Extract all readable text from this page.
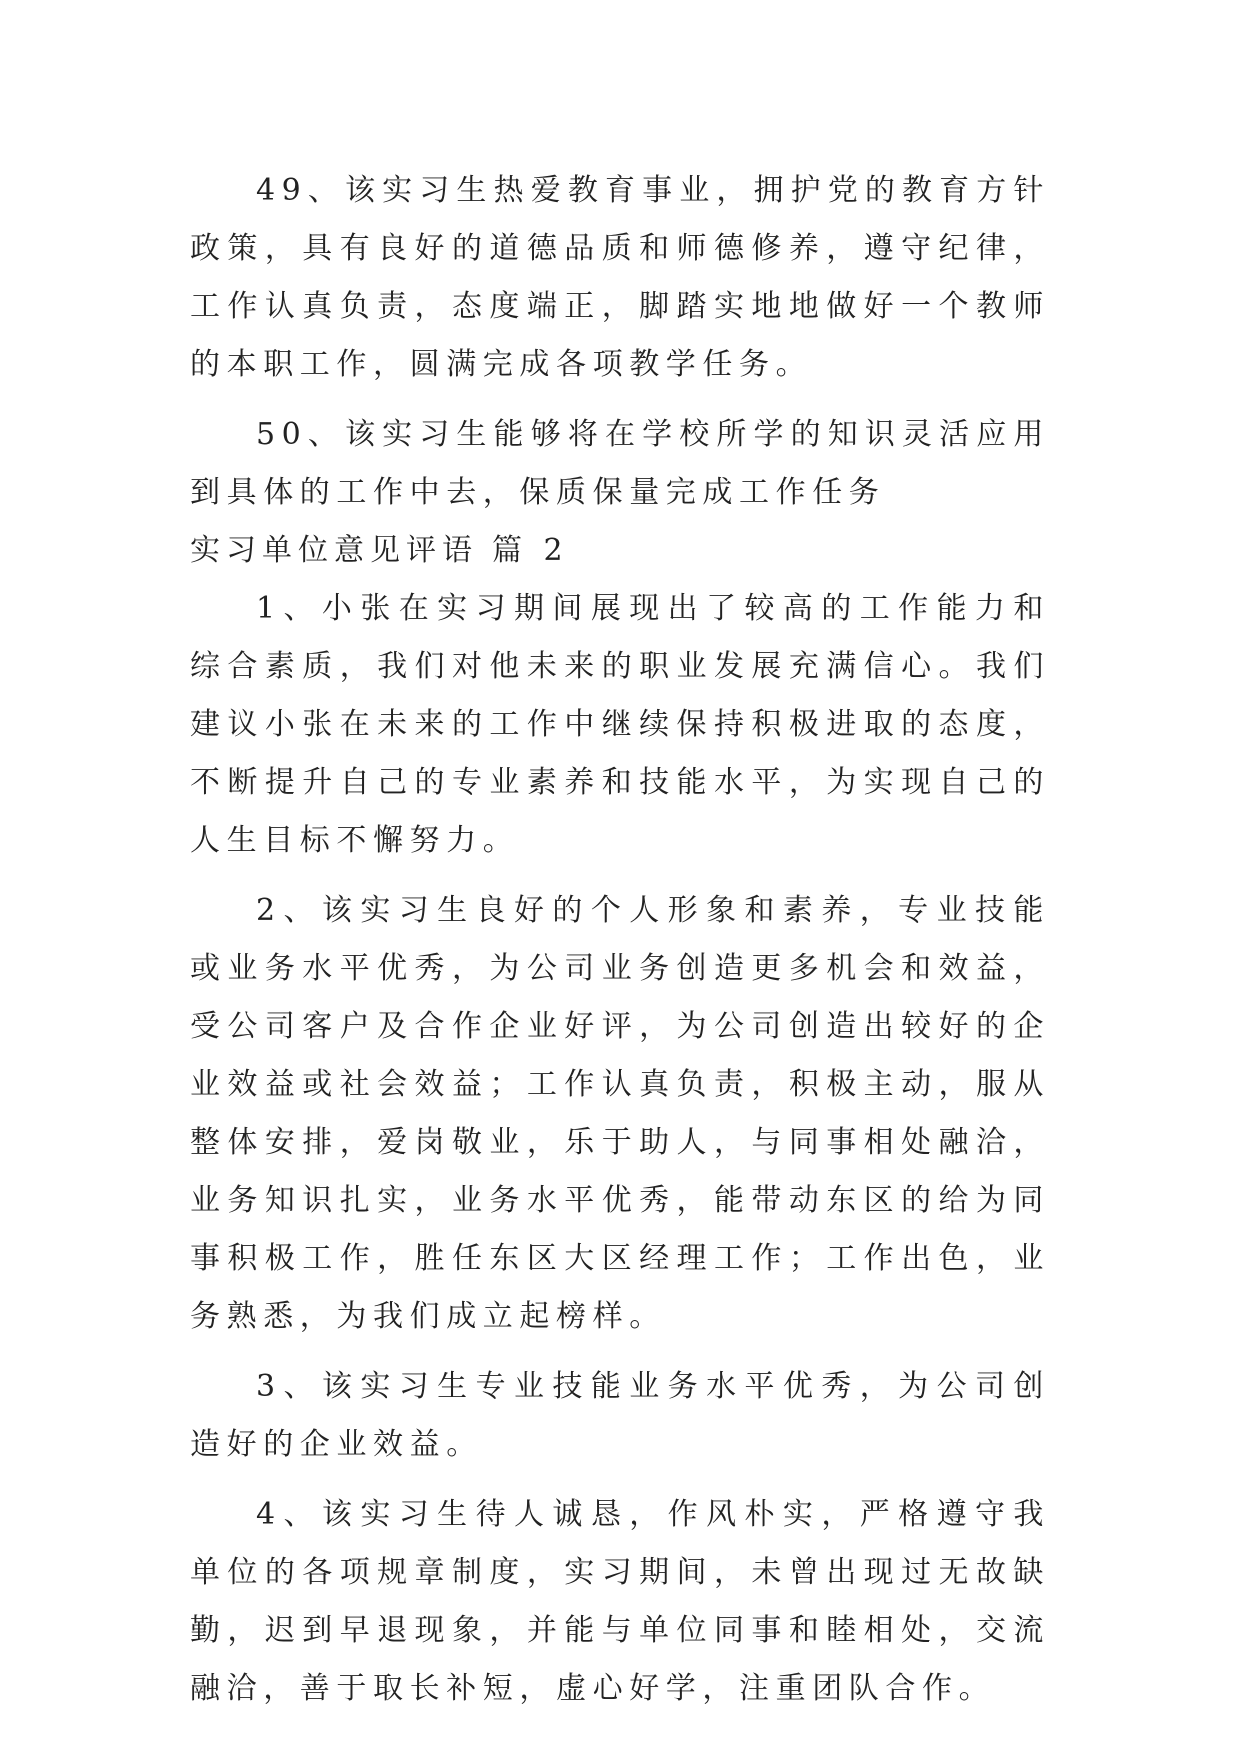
49、该实习生热爱教育事业，拥护党的教育方针政策，具有良好的道德品质和师德修养，遵守纪律，工作认真负责，态度端正，脚踏实地地做好一个教师的本职工作，圆满完成各项教学任务。

50、该实习生能够将在学校所学的知识灵活应用到具体的工作中去，保质保量完成工作任务

实习单位意见评语 篇 2

1、小张在实习期间展现出了较高的工作能力和综合素质，我们对他未来的职业发展充满信心。我们建议小张在未来的工作中继续保持积极进取的态度，不断提升自己的专业素养和技能水平，为实现自己的人生目标不懈努力。

2、该实习生良好的个人形象和素养，专业技能或业务水平优秀，为公司业务创造更多机会和效益，受公司客户及合作企业好评，为公司创造出较好的企业效益或社会效益；工作认真负责，积极主动，服从整体安排，爱岗敬业，乐于助人，与同事相处融洽，业务知识扎实，业务水平优秀，能带动东区的给为同事积极工作，胜任东区大区经理工作；工作出色，业务熟悉，为我们成立起榜样。

3、该实习生专业技能业务水平优秀，为公司创造好的企业效益。

4、该实习生待人诚恳，作风朴实，严格遵守我单位的各项规章制度，实习期间，未曾出现过无故缺勤，迟到早退现象，并能与单位同事和睦相处，交流融洽，善于取长补短，虚心好学，注重团队合作。
